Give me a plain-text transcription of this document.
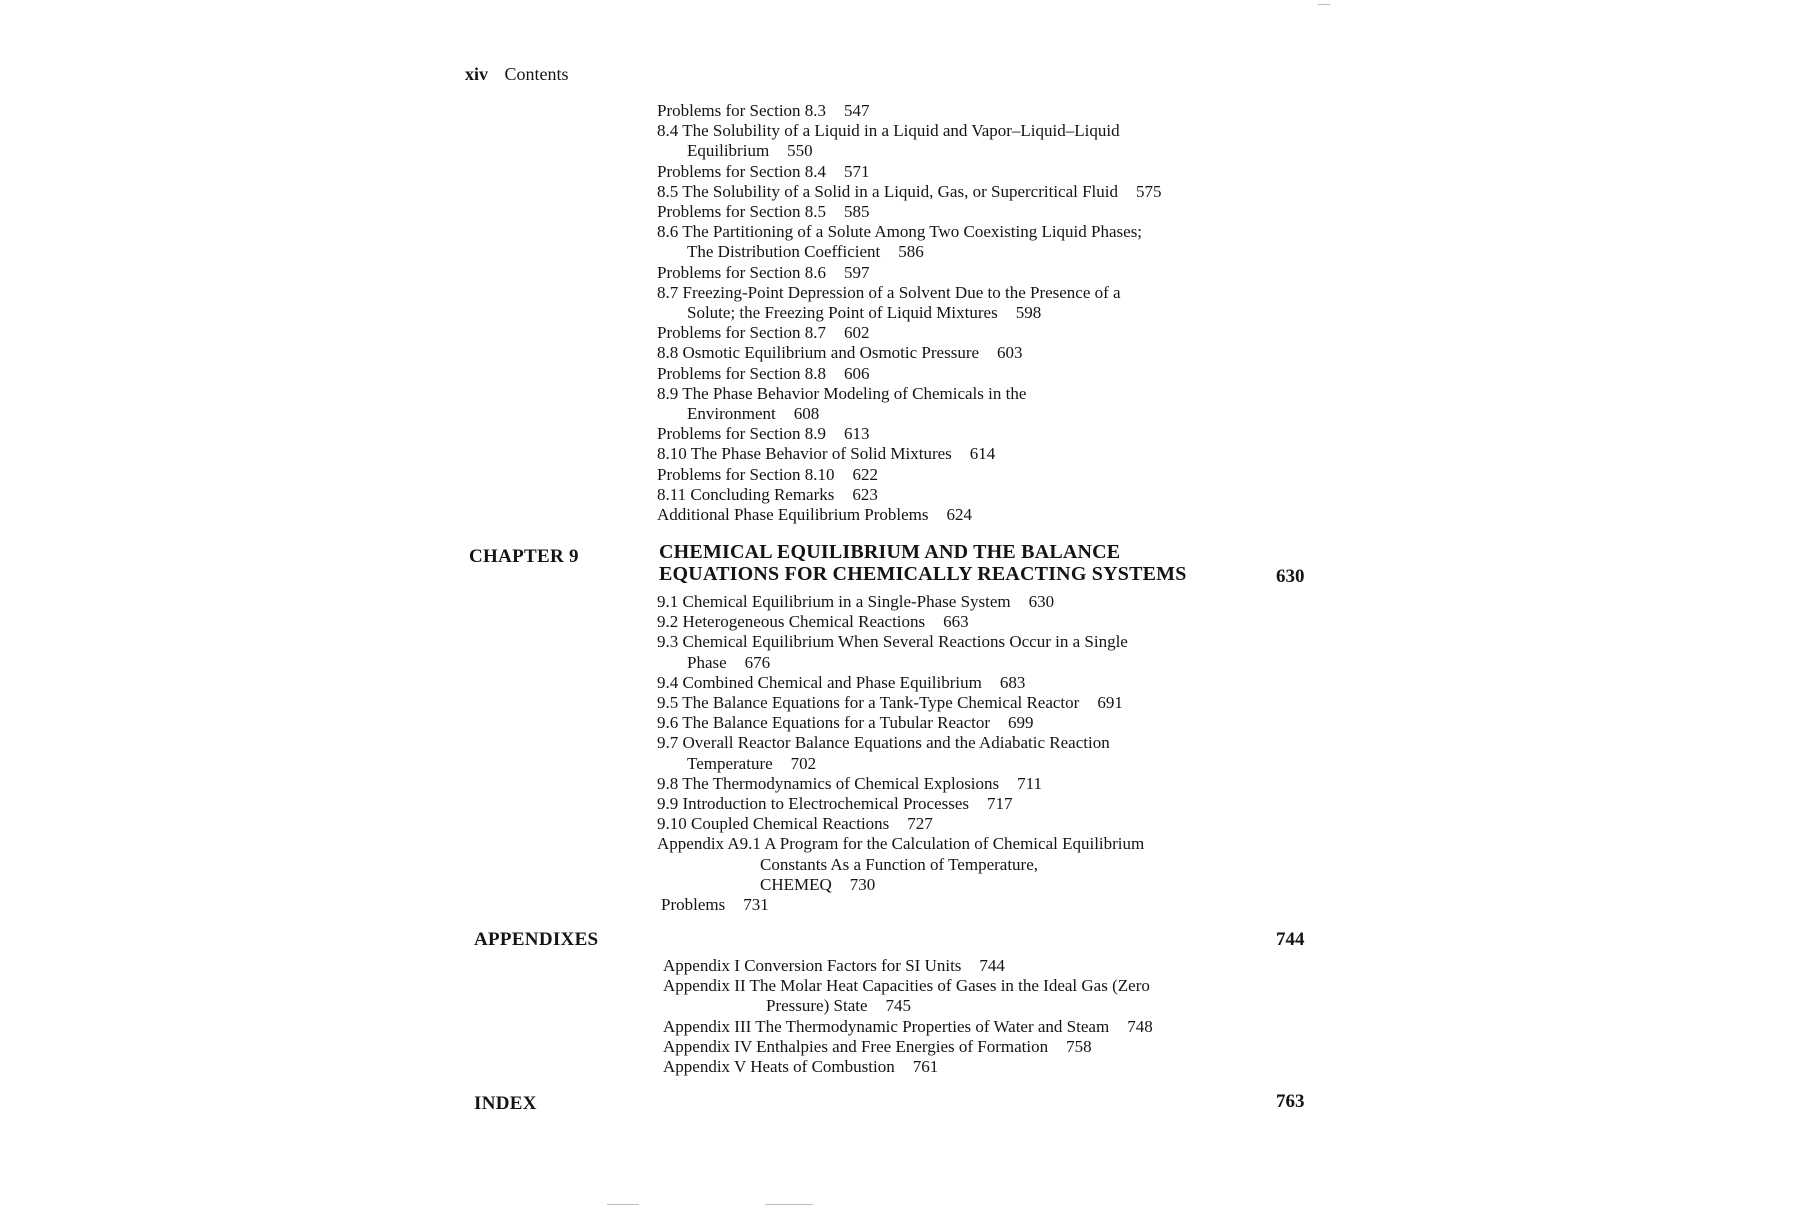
xiv Contents
Problems for Section 8.3 547
8.4 The Solubility of a Liquid in a Liquid and Vapor–Liquid–Liquid
Equilibrium 550
Problems for Section 8.4 571
8.5 The Solubility of a Solid in a Liquid, Gas, or Supercritical Fluid 575
Problems for Section 8.5 585
8.6 The Partitioning of a Solute Among Two Coexisting Liquid Phases;
The Distribution Coefficient 586
Problems for Section 8.6 597
8.7 Freezing-Point Depression of a Solvent Due to the Presence of a
Solute; the Freezing Point of Liquid Mixtures 598
Problems for Section 8.7 602
8.8 Osmotic Equilibrium and Osmotic Pressure 603
Problems for Section 8.8 606
8.9 The Phase Behavior Modeling of Chemicals in the
Environment 608
Problems for Section 8.9 613
8.10 The Phase Behavior of Solid Mixtures 614
Problems for Section 8.10 622
8.11 Concluding Remarks 623
Additional Phase Equilibrium Problems 624
CHAPTER 9	CHEMICAL EQUILIBRIUM AND THE BALANCE
EQUATIONS FOR CHEMICALLY REACTING SYSTEMS	630
9.1 Chemical Equilibrium in a Single-Phase System 630
9.2 Heterogeneous Chemical Reactions 663
9.3 Chemical Equilibrium When Several Reactions Occur in a Single
Phase 676
9.4 Combined Chemical and Phase Equilibrium 683
9.5 The Balance Equations for a Tank-Type Chemical Reactor 691
9.6 The Balance Equations for a Tubular Reactor 699
9.7 Overall Reactor Balance Equations and the Adiabatic Reaction
Temperature 702
9.8 The Thermodynamics of Chemical Explosions 711
9.9 Introduction to Electrochemical Processes 717
9.10 Coupled Chemical Reactions 727
Appendix A9.1 A Program for the Calculation of Chemical Equilibrium
Constants As a Function of Temperature,
CHEMEQ 730
Problems 731
APPENDIXES	744
Appendix I Conversion Factors for SI Units 744
Appendix II The Molar Heat Capacities of Gases in the Ideal Gas (Zero
Pressure) State 745
Appendix III The Thermodynamic Properties of Water and Steam 748
Appendix IV Enthalpies and Free Energies of Formation 758
Appendix V Heats of Combustion 761
INDEX	763
